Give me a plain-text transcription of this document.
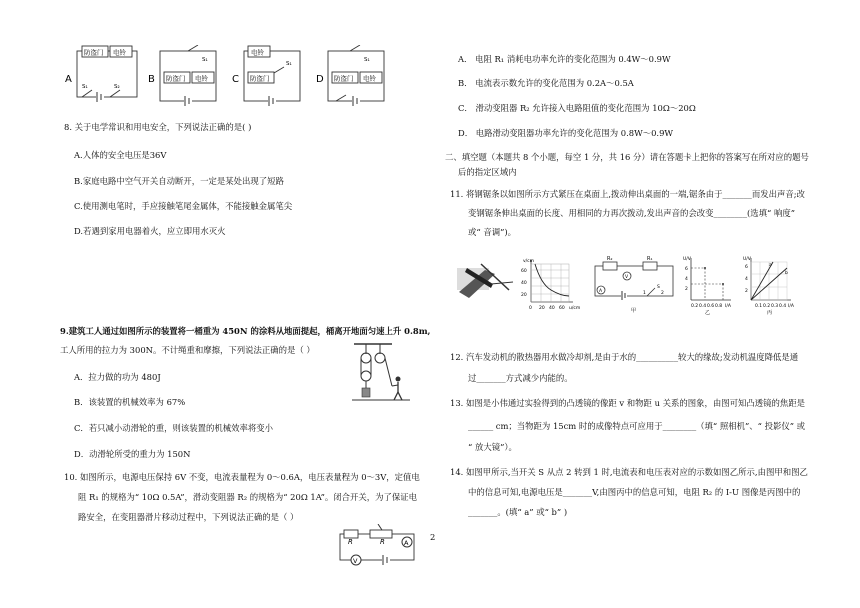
A
防盗门 电铃
S₁	S₂
B
S₁
防盗门 电铃 C
电铃
S₁
防盗门	D
S₁
防盗门 电铃
8. 关于电学常识和用电安全，下列说法正确的是( )
A.人体的安全电压是36V
B.家庭电路中空气开关自动断开，一定是某处出现了短路
C.使用测电笔时，手应接触笔尾金属体，不能接触金属笔尖
D.若遇到家用电器着火，应立即用水灭火
9.建筑工人通过如图所示的装置将一桶重为 450N 的涂料从地面提起，桶离开地面匀速上升 0.8m,
工人所用的拉力为 300N。不计绳重和摩擦，下列说法正确的是（ ）
A．拉力做的功为 480J
B．该装置的机械效率为 67%
C．若只减小动滑轮的重，则该装置的机械效率将变小
D．动滑轮所受的重力为 150N
10. 如图所示，电源电压保持 6V 不变，电流表量程为 0～0.6A，电压表量程为 0～3V，定值电
阻 R₁ 的规格为“ 10Ω 0.5A”，滑动变阻器 R₂ 的规格为“ 20Ω 1A”。闭合开关，为了保证电
路安全，在变阻器滑片移动过程中，下列说法正确的是（ ）
R	R	A
V
2
A． 电阻 R₁ 消耗电功率允许的变化范围为 0.4W～0.9W
B． 电流表示数允许的变化范围为 0.2A～0.5A
C． 滑动变阻器 R₂ 允许接入电路阻值的变化范围为 10Ω～20Ω
D． 电路滑动变阻器功率允许的变化范围为 0.8W～0.9W
二、填空题（本题共 8 个小题，每空 1 分，共 16 分）请在答题卡上把你的答案写在所对应的题号
后的指定区域内
11. 将钢锯条以如图所示方式紧压在桌面上,拨动伸出桌面的一端,锯条由于_______而发出声音;改
变钢锯条伸出桌面的长度、用相同的力再次拨动,发出声音的会改变________(选填“ 响度”
或“ 音调”)。
60
40
20
v/cm
0 20 40 60 u/cm
R₂	R₁
V
A
S
1	2
甲
U/V
6
4
2
0.2 0.4 0.6 0.8 I/A
乙
a
b
U/V
6
4
2
0.1 0.2 0.3 0.4 I/A
丙
12. 汽车发动机的散热器用水做冷却剂,是由于水的__________较大的缘故;发动机温度降低是通
过_______方式减少内能的。
13. 如图是小伟通过实验得到的凸透镜的像距 v 和物距 u 关系的图象，由图可知凸透镜的焦距是
______ cm；当物距为 15cm 时的成像特点可应用于________（填“ 照相机”、“ 投影仪” 或
“ 放大镜”）。
14. 如图甲所示,当开关 S 从点 2 转到 1 时,电流表和电压表对应的示数如图乙所示,由图甲和图乙
中的信息可知,电源电压是_______V,由图丙中的信息可知，电阻 R₂ 的 I-U 图像是丙图中的
_______。(填“ a” 或“ b” )
